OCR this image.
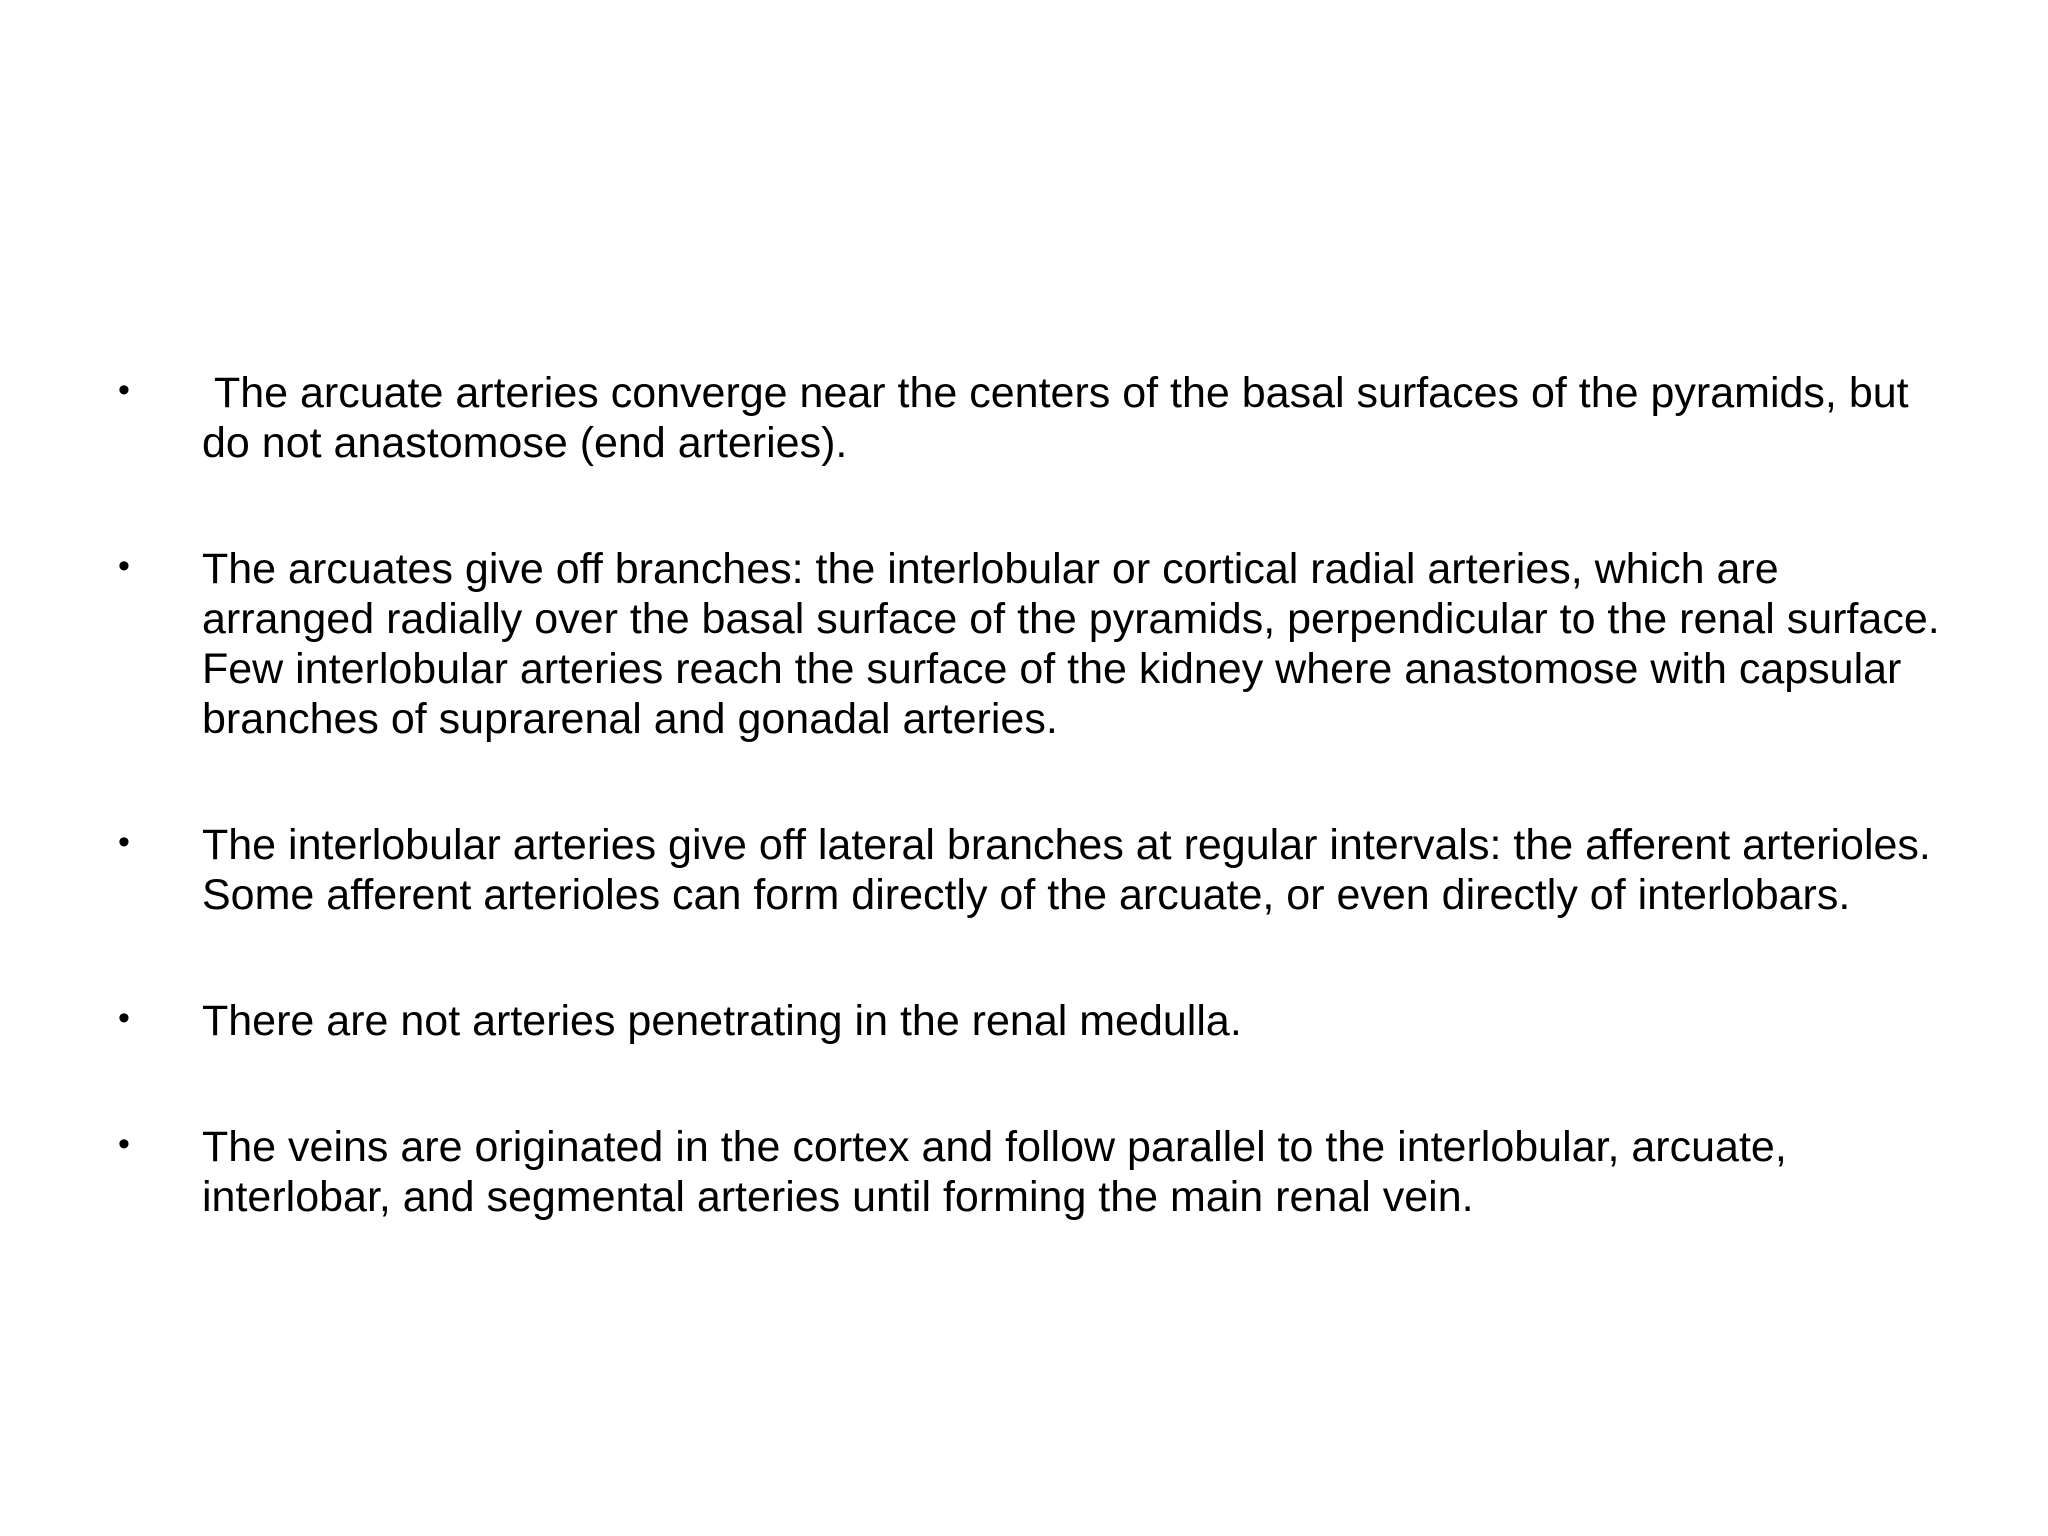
•	The arcuate arteries converge near the centers of the basal surfaces of the pyramids, but do not anastomose (end arteries).
•	The arcuates give off branches: the interlobular or cortical radial arteries, which are arranged radially over the basal surface of the pyramids, perpendicular to the renal surface. Few interlobular arteries reach the surface of the kidney where anastomose with capsular branches of suprarenal and gonadal arteries.
•	The interlobular arteries give off lateral branches at regular intervals: the afferent arterioles. Some afferent arterioles can form directly of the arcuate, or even directly of interlobars.
•	There are not arteries penetrating in the renal medulla.
•	The veins are originated in the cortex and follow parallel to the interlobular, arcuate, interlobar, and segmental arteries until forming the main renal vein.
